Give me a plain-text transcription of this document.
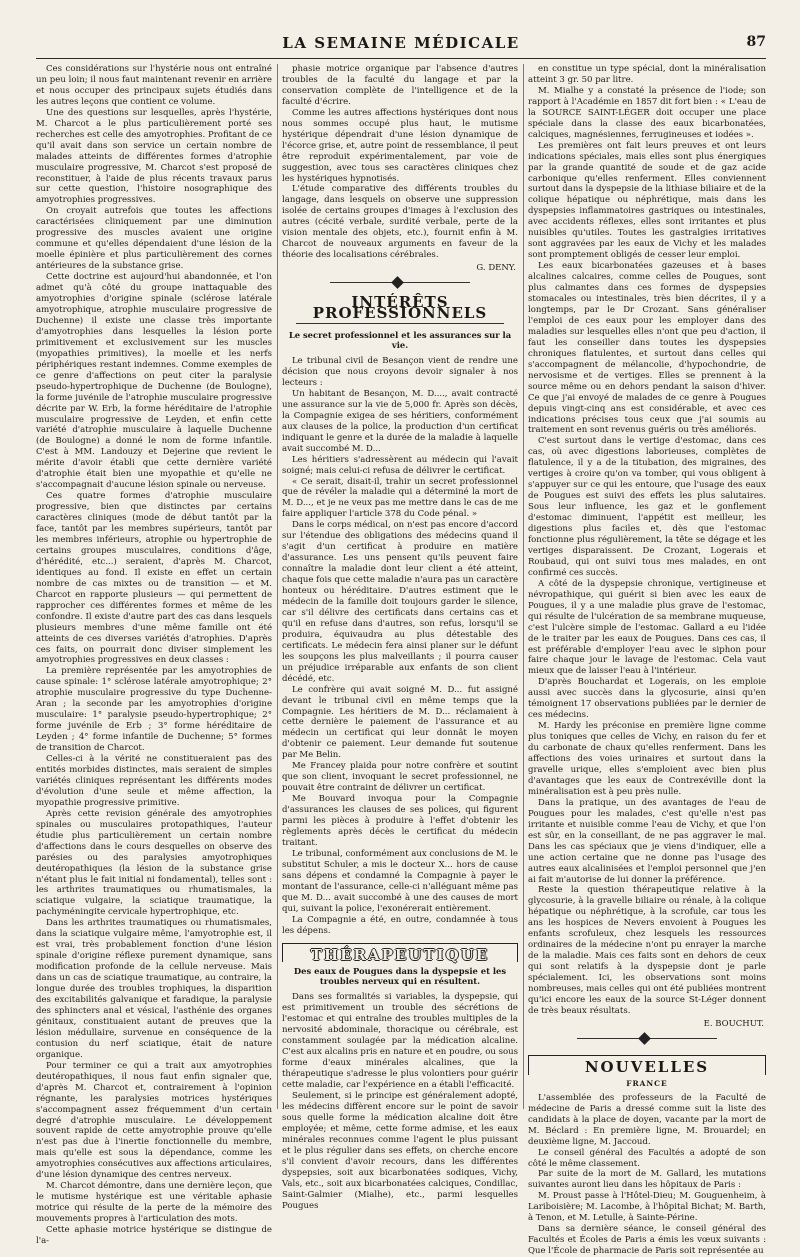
LA SEMAINE MÉDICALE	87

Ces considérations sur l'hystérie nous ont entraîné un peu loin; il nous faut maintenant revenir en arrière et nous occuper des principaux sujets étudiés dans les autres leçons que contient ce volume.

Une des questions sur lesquelles, après l'hystérie, M. Charcot a le plus particulièrement porté ses recherches est celle des amyotrophies. Profitant de ce qu'il avait dans son service un certain nombre de malades atteints de différentes formes d'atrophie musculaire progressive, M. Charcot s'est proposé de reconstituer, à l'aide de plus récents travaux parus sur cette question, l'histoire nosographique des amyotrophies progressives.

On croyait autrefois que toutes les affections caractérisées cliniquement par une diminution progressive des muscles avaient une origine commune et qu'elles dépendaient d'une lésion de la moelle épinière et plus particulièrement des cornes antérieures de la substance grise.

Cette doctrine est aujourd'hui abandonnée, et l'on admet qu'à côté du groupe inattaquable des amyotrophies d'origine spinale (sclérose latérale amyotrophique, atrophie musculaire progressive de Duchenne) il existe une classe très importante d'amyotrophies dans lesquelles la lésion porte primitivement et exclusivement sur les muscles (myopathies primitives), la moelle et les nerfs périphériques restant indemnes. Comme exemples de ce genre d'affections on peut citer la paralysie pseudo-hypertrophique de Duchenne (de Boulogne), la forme juvénile de l'atrophie musculaire progressive décrite par W. Erb, la forme héréditaire de l'atrophie musculaire progressive de Leyden, et enfin cette variété d'atrophie musculaire à laquelle Duchenne (de Boulogne) a donné le nom de forme infantile. C'est à MM. Landouzy et Dejerine que revient le mérite d'avoir établi que cette dernière variété d'atrophie était bien une myopathie et qu'elle ne s'accompagnait d'aucune lésion spinale ou nerveuse.

Ces quatre formes d'atrophie musculaire progressive, bien que distinctes par certains caractères cliniques (mode de début tantôt par la face, tantôt par les membres supérieurs, tantôt par les membres inférieurs, atrophie ou hypertrophie de certains groupes musculaires, conditions d'âge, d'hérédité, etc...) seraient, d'après M. Charcot, identiques au fond. Il existe en effet un certain nombre de cas mixtes ou de transition — et M. Charcot en rapporte plusieurs — qui permettent de rapprocher ces différentes formes et même de les confondre. Il existe d'autre part des cas dans lesquels plusieurs membres d'une même famille ont été atteints de ces diverses variétés d'atrophies. D'après ces faits, on pourrait donc diviser simplement les amyotrophies progressives en deux classes :

La première représentée par les amyotrophies de cause spinale: 1° sclérose latérale amyotrophique; 2° atrophie musculaire progressive du type Duchenne-Aran ; la seconde par les amyotrophies d'origine musculaire: 1° paralysie pseudo-hypertrophique; 2° forme juvénile de Erb ; 3° forme héréditaire de Leyden ; 4° forme infantile de Duchenne; 5° formes de transition de Charcot.

Celles-ci à la vérité ne constitueraient pas des entités morbides distinctes, mais seraient de simples variétés cliniques représentant les différents modes d'évolution d'une seule et même affection, la myopathie progressive primitive.

Après cette revision générale des amyotrophies spinales ou musculaires protopathiques, l'auteur étudie plus particulièrement un certain nombre d'affections dans le cours desquelles on observe des parésies ou des paralysies amyotrophiques deutéropathiques (la lésion de la substance grise n'étant plus le fait initial ni fondamental), telles sont : les arthrites traumatiques ou rhumatismales, la sciatique vulgaire, la sciatique traumatique, la pachyméningite cervicale hypertrophique, etc.

Dans les arthrites traumatiques ou rhumatismales, dans la sciatique vulgaire même, l'amyotrophie est, il est vrai, très probablement fonction d'une lésion spinale d'origine réflexe purement dynamique, sans modification profonde de la cellule nerveuse. Mais dans un cas de sciatique traumatique, au contraire, la longue durée des troubles trophiques, la disparition des excitabilités galvanique et faradique, la paralysie des sphincters anal et vésical, l'asthénie des organes génitaux, constituaient autant de preuves que la lésion médullaire, survenue en conséquence de la contusion du nerf sciatique, était de nature organique.

Pour terminer ce qui a trait aux amyotrophies deutéropathiques, il nous faut enfin signaler que, d'après M. Charcot et, contrairement à l'opinion régnante, les paralysies motrices hystériques s'accompagnent assez fréquemment d'un certain degré d'atrophie musculaire. Le développement souvent rapide de cette amyotrophie prouve qu'elle n'est pas due à l'inertie fonctionnelle du membre, mais qu'elle est sous la dépendance, comme les amyotrophies consécutives aux affections articulaires, d'une lésion dynamique des centres nerveux.

M. Charcot démontre, dans une dernière leçon, que le mutisme hystérique est une véritable aphasie motrice qui résulte de la perte de la mémoire des mouvements propres à l'articulation des mots.

Cette aphasie motrice hystérique se distingue de l'a-

phasie motrice organique par l'absence d'autres troubles de la faculté du langage et par la conservation complète de l'intelligence et de la faculté d'écrire.

Comme les autres affections hystériques dont nous nous sommes occupé plus haut, le mutisme hystérique dépendrait d'une lésion dynamique de l'écorce grise, et, autre point de ressemblance, il peut être reproduit expérimentalement, par voie de suggestion, avec tous ses caractères cliniques chez les hystériques hypnotisés.

L'étude comparative des différents troubles du langage, dans lesquels on observe une suppression isolée de certains groupes d'images à l'exclusion des autres (cécité verbale, surdité verbale, perte de la vision mentale des objets, etc.), fournit enfin à M. Charcot de nouveaux arguments en faveur de la théorie des localisations cérébrales.

G. DENY.
INTÉRÊTS PROFESSIONNELS
Le secret professionnel et les assurances sur la vie.

Le tribunal civil de Besançon vient de rendre une décision que nous croyons devoir signaler à nos lecteurs :

Un habitant de Besançon, M. D...., avait contracté une assurance sur la vie de 5,000 fr. Après son décès, la Compagnie exigea de ses héritiers, conformément aux clauses de la police, la production d'un certificat indiquant le genre et la durée de la maladie à laquelle avait succombé M. D...

Les héritiers s'adressèrent au médecin qui l'avait soigné; mais celui-ci refusa de délivrer le certificat.

« Ce serait, disait-il, trahir un secret professionnel que de révéler la maladie qui a déterminé la mort de M. D..., et je ne veux pas me mettre dans le cas de me faire appliquer l'article 378 du Code pénal. »

Dans le corps médical, on n'est pas encore d'accord sur l'étendue des obligations des médecins quand il s'agit d'un certificat à produire en matière d'assurance. Les uns pensent qu'ils peuvent faire connaître la maladie dont leur client a été atteint, chaque fois que cette maladie n'aura pas un caractère honteux ou héréditaire. D'autres estiment que le médecin de la famille doit toujours garder le silence, car s'il délivre des certificats dans certains cas et qu'il en refuse dans d'autres, son refus, lorsqu'il se produira, équivaudra au plus détestable des certificats. Le médecin fera ainsi planer sur le défunt les soupçons les plus malveillants ; il pourra causer un préjudice irréparable aux enfants de son client décédé, etc.

Le confrère qui avait soigné M. D... fut assigné devant le tribunal civil en même temps que la Compagnie. Les héritiers de M. D... réclamaient à cette dernière le paiement de l'assurance et au médecin un certificat qui leur donnât le moyen d'obtenir ce paiement. Leur demande fut soutenue par Me Belin.

Me Francey plaida pour notre confrère et soutint que son client, invoquant le secret professionnel, ne pouvait être contraint de délivrer un certificat.

Me Bouvard invoqua pour la Compagnie d'assurances les clauses de ses polices, qui figurent parmi les pièces à produire à l'effet d'obtenir les règlements après décès le certificat du médecin traitant.

Le tribunal, conformément aux conclusions de M. le substitut Schuler, a mis le docteur X... hors de cause sans dépens et condamné la Compagnie à payer le montant de l'assurance, celle-ci n'alléguant même pas que M. D... avait succombé à une des causes de mort qui, suivant la police, l'exonérerait entièrement.

La Compagnie a été, en outre, condamnée à tous les dépens.

THÉRAPEUTIQUE
Des eaux de Pougues dans la dyspepsie et les troubles nerveux qui en résultent.

Dans ses formalités si variables, la dyspepsie, qui est primitivement un trouble des sécrétions de l'estomac et qui entraîne des troubles multiples de la nervosité abdominale, thoracique ou cérébrale, est constamment soulagée par la médication alcaline. C'est aux alcalins pris en nature et en poudre, ou sous forme d'eaux minérales alcalines, que la thérapeutique s'adresse le plus volontiers pour guérir cette maladie, car l'expérience en a établi l'efficacité.

Seulement, si le principe est généralement adopté, les médecins diffèrent encore sur le point de savoir sous quelle forme la médication alcaline doit être employée; et même, cette forme admise, et les eaux minérales reconnues comme l'agent le plus puissant et le plus régulier dans ses effets, on cherche encore s'il convient d'avoir recours, dans les différentes dyspepsies, soit aux bicarbonatées sodiques, Vichy, Vals, etc., soit aux bicarbonatées calciques, Condillac, Saint-Galmier (Mialhe), etc., parmi lesquelles Pougues

en constitue un type spécial, dont la minéralisation atteint 3 gr. 50 par litre.

M. Mialhe y a constaté la présence de l'iode; son rapport à l'Académie en 1857 dit fort bien : « L'eau de la SOURCE SAINT-LÉGER doit occuper une place spéciale dans la classe des eaux bicarbonatées, calciques, magnésiennes, ferrugineuses et iodées ».

Les premières ont fait leurs preuves et ont leurs indications spéciales, mais elles sont plus énergiques par la grande quantité de soude et de gaz acide carbonique qu'elles renferment. Elles conviennent surtout dans la dyspepsie de la lithiase biliaire et de la colique hépatique ou néphrétique, mais dans les dyspepsies inflammatoires gastriques ou intestinales, avec accidents réflexes, elles sont irritantes et plus nuisibles qu'utiles. Toutes les gastralgies irritatives sont aggravées par les eaux de Vichy et les malades sont promptement obligés de cesser leur emploi.

Les eaux bicarbonatées gazeuses et à bases alcalines calcaires, comme celles de Pougues, sont plus calmantes dans ces formes de dyspepsies stomacales ou intestinales, très bien décrites, il y a longtemps, par le Dr Crozant. Sans généraliser l'emploi de ces eaux pour les employer dans des maladies sur lesquelles elles n'ont que peu d'action, il faut les conseiller dans toutes les dyspepsies chroniques flatulentes, et surtout dans celles qui s'accompagnent de mélancolie, d'hypochondrie, de nervosisme et de vertiges. Elles se prennent à la source même ou en dehors pendant la saison d'hiver. Ce que j'ai envoyé de malades de ce genre à Pougues depuis vingt-cinq ans est considérable, et avec ces indications précises tous ceux que j'ai soumis au traitement en sont revenus guéris ou très améliorés.

C'est surtout dans le vertige d'estomac, dans ces cas, où avec digestions laborieuses, complètes de flatulence, il y a de la titubation, des migraines, des vertiges à croire qu'on va tomber, qui vous obligent à s'appuyer sur ce qui les entoure, que l'usage des eaux de Pougues est suivi des effets les plus salutaires. Sous leur influence, les gaz et le gonflement d'estomac diminuent, l'appétit est meilleur, les digestions plus faciles et, dès que l'estomac fonctionne plus régulièrement, la tête se dégage et les vertiges disparaissent. De Crozant, Logerais et Roubaud, qui ont suivi tous mes malades, en ont confirmé ces succès.

A côté de la dyspepsie chronique, vertigineuse et névropathique, qui guérit si bien avec les eaux de Pougues, il y a une maladie plus grave de l'estomac, qui résulte de l'ulcération de sa membrane muqueuse, c'est l'ulcère simple de l'estomac. Gallard a eu l'idée de le traiter par les eaux de Pougues. Dans ces cas, il est préférable d'employer l'eau avec le siphon pour faire chaque jour le lavage de l'estomac. Cela vaut mieux que de laisser l'eau à l'intérieur.

D'après Bouchardat et Logerais, on les emploie aussi avec succès dans la glycosurie, ainsi qu'en témoignent 17 observations publiées par le dernier de ces médecins.

M. Hardy les préconise en première ligne comme plus toniques que celles de Vichy, en raison du fer et du carbonate de chaux qu'elles renferment. Dans les affections des voies urinaires et surtout dans la gravelle urique, elles s'emploient avec bien plus d'avantages que les eaux de Contrexéville dont la minéralisation est à peu près nulle.

Dans la pratique, un des avantages de l'eau de Pougues pour les malades, c'est qu'elle n'est pas irritante et nuisible comme l'eau de Vichy, et que l'on est sûr, en la conseillant, de ne pas aggraver le mal. Dans les cas spéciaux que je viens d'indiquer, elle a une action certaine que ne donne pas l'usage des autres eaux alcalinisées et l'emploi personnel que j'en ai fait m'autorise de lui donner la préférence.

Reste la question thérapeutique relative à la glycosurie, à la gravelle biliaire ou rénale, à la colique hépatique ou néphrétique, à la scrofule, car tous les ans les hospices de Nevers envoient à Pougues les enfants scrofuleux, chez lesquels les ressources ordinaires de la médecine n'ont pu enrayer la marche de la maladie. Mais ces faits sont en dehors de ceux qui sont relatifs à la dyspepsie dont je parle spécialement. Ici, les observations sont moins nombreuses, mais celles qui ont été publiées montrent qu'ici encore les eaux de la source St-Léger donnent de très beaux résultats.

E. BOUCHUT.
NOUVELLES
FRANCE

L'assemblée des professeurs de la Faculté de médecine de Paris a dressé comme suit la liste des candidats à la place de doyen, vacante par la mort de M. Béclard : En première ligne, M. Brouardel; en deuxième ligne, M. Jaccoud.

Le conseil général des Facultés a adopté de son côté le même classement.

Par suite de la mort de M. Gallard, les mutations suivantes auront lieu dans les hôpitaux de Paris :

M. Proust passe à l'Hôtel-Dieu; M. Gouguenheim, à Lariboisière; M. Lacombe, à l'hôpital Bichat; M. Barth, à Tenon, et M. Letulle, à Sainte-Périne.

Dans sa dernière séance, le conseil général des Facultés et Écoles de Paris a émis les vœux suivants : Que l'École de pharmacie de Paris soit représentée au
